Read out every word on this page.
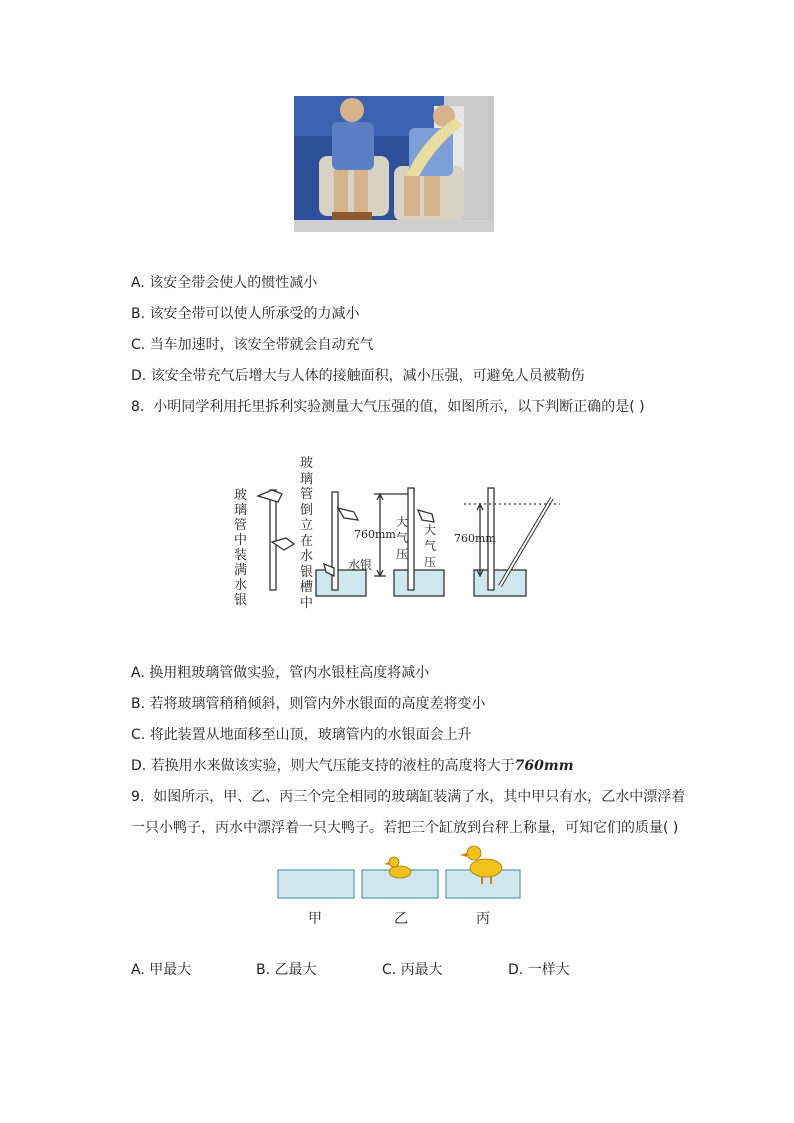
A. 该安全带会使人的惯性减小
B. 该安全带可以使人所承受的力减小
C. 当车加速时，该安全带就会自动充气
D. 该安全带充气后增大与人体的接触面积，减小压强，可避免人员被勒伤
8. 小明同学利用托里拆利实验测量大气压强的值，如图所示，以下判断正确的是( )
玻
璃
管
中
装
满
水
银
玻
璃
管
倒
立
在
水
银
槽
中
水银
760mm	760mm
大
气
压
大
气
压
A. 换用粗玻璃管做实验，管内水银柱高度将减小
B. 若将玻璃管稍稍倾斜，则管内外水银面的高度差将变小
C. 将此装置从地面移至山顶，玻璃管内的水银面会上升
D. 若换用水来做该实验，则大气压能支持的液柱的高度将大于760mm
9. 如图所示，甲、乙、丙三个完全相同的玻璃缸装满了水，其中甲只有水，乙水中漂浮着
一只小鸭子，丙水中漂浮着一只大鸭子。若把三个缸放到台秤上称量，可知它们的质量( )
甲	乙	丙
A. 甲最大	B. 乙最大	C. 丙最大	D. 一样大
